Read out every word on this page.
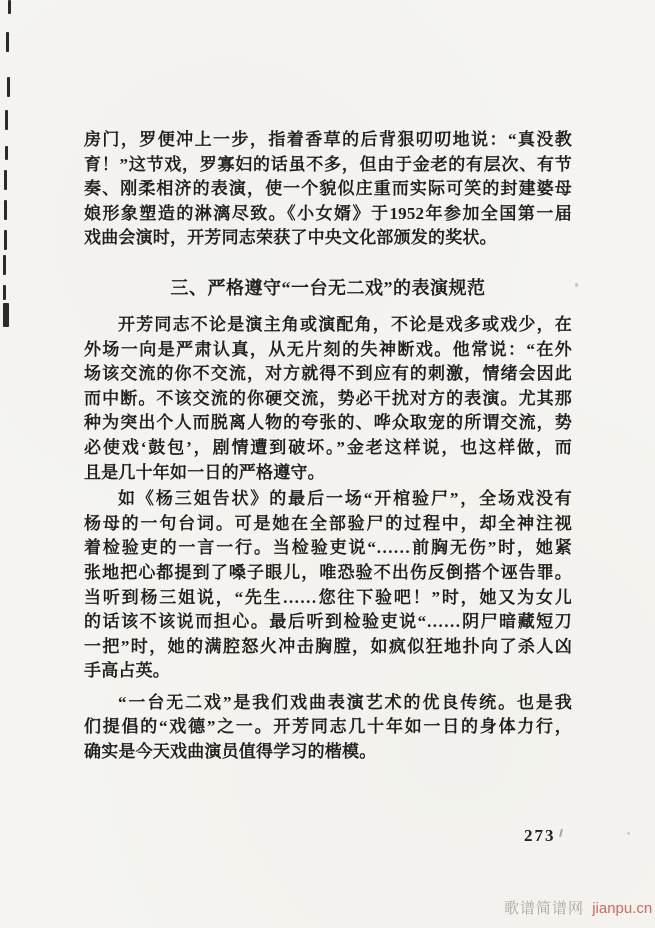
房门，罗便冲上一步，指着香草的后背狠叨叨地说：“真没教
育！”这节戏，罗寡妇的话虽不多，但由于金老的有层次、有节
奏、刚柔相济的表演，使一个貌似庄重而实际可笑的封建婆母
娘形象塑造的淋漓尽致。《小女婿》于1952年参加全国第一届
戏曲会演时，开芳同志荣获了中央文化部颁发的奖状。
三、严格遵守“一台无二戏”的表演规范
开芳同志不论是演主角或演配角，不论是戏多或戏少，在
外场一向是严肃认真，从无片刻的失神断戏。他常说：“在外
场该交流的你不交流，对方就得不到应有的刺激，情绪会因此
而中断。不该交流的你硬交流，势必干扰对方的表演。尤其那
种为突出个人而脱离人物的夸张的、哗众取宠的所谓交流，势
必使戏‘鼓包’，剧情遭到破坏。”金老这样说，也这样做，而
且是几十年如一日的严格遵守。
如《杨三姐告状》的最后一场“开棺验尸”，全场戏没有
杨母的一句台词。可是她在全部验尸的过程中，却全神注视
着检验吏的一言一行。当检验吏说“……前胸无伤”时，她紧
张地把心都提到了嗓子眼儿，唯恐验不出伤反倒搭个诬告罪。
当听到杨三姐说，“先生……您往下验吧！”时，她又为女儿
的话该不该说而担心。最后听到检验吏说“……阴尸暗藏短刀
一把”时，她的满腔怒火冲击胸膛，如疯似狂地扑向了杀人凶
手高占英。
“一台无二戏”是我们戏曲表演艺术的优良传统。也是我
们提倡的“戏德”之一。开芳同志几十年如一日的身体力行，
确实是今天戏曲演员值得学习的楷模。
273
歌谱简谱网 jianpu.cn
